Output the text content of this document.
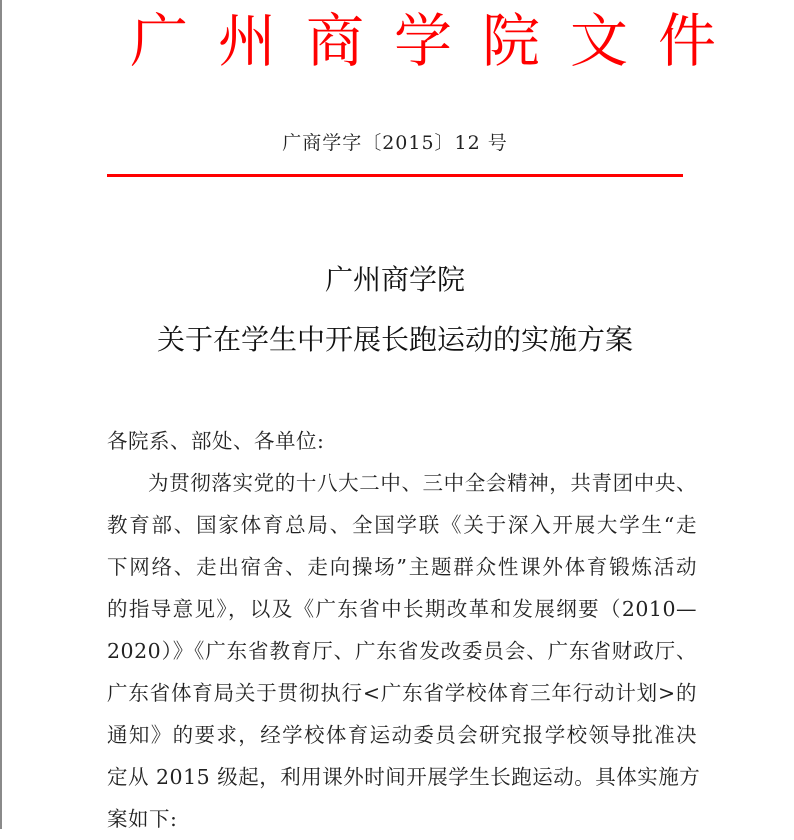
广州商学院文件
广商学字〔2015〕12 号
广州商学院
关于在学生中开展长跑运动的实施方案
各院系、部处、各单位:
为贯彻落实党的十八大二中、三中全会精神，共青团中央、
教育部、国家体育总局、全国学联《关于深入开展大学生“走
下网络、走出宿舍、走向操场”主题群众性课外体育锻炼活动
的指导意见》，以及《广东省中长期改革和发展纲要（2010—
2020）》《广东省教育厅、广东省发改委员会、广东省财政厅、
广东省体育局关于贯彻执行<广东省学校体育三年行动计划>的
通知》的要求，经学校体育运动委员会研究报学校领导批准决
定从 2015 级起，利用课外时间开展学生长跑运动。具体实施方
案如下:
